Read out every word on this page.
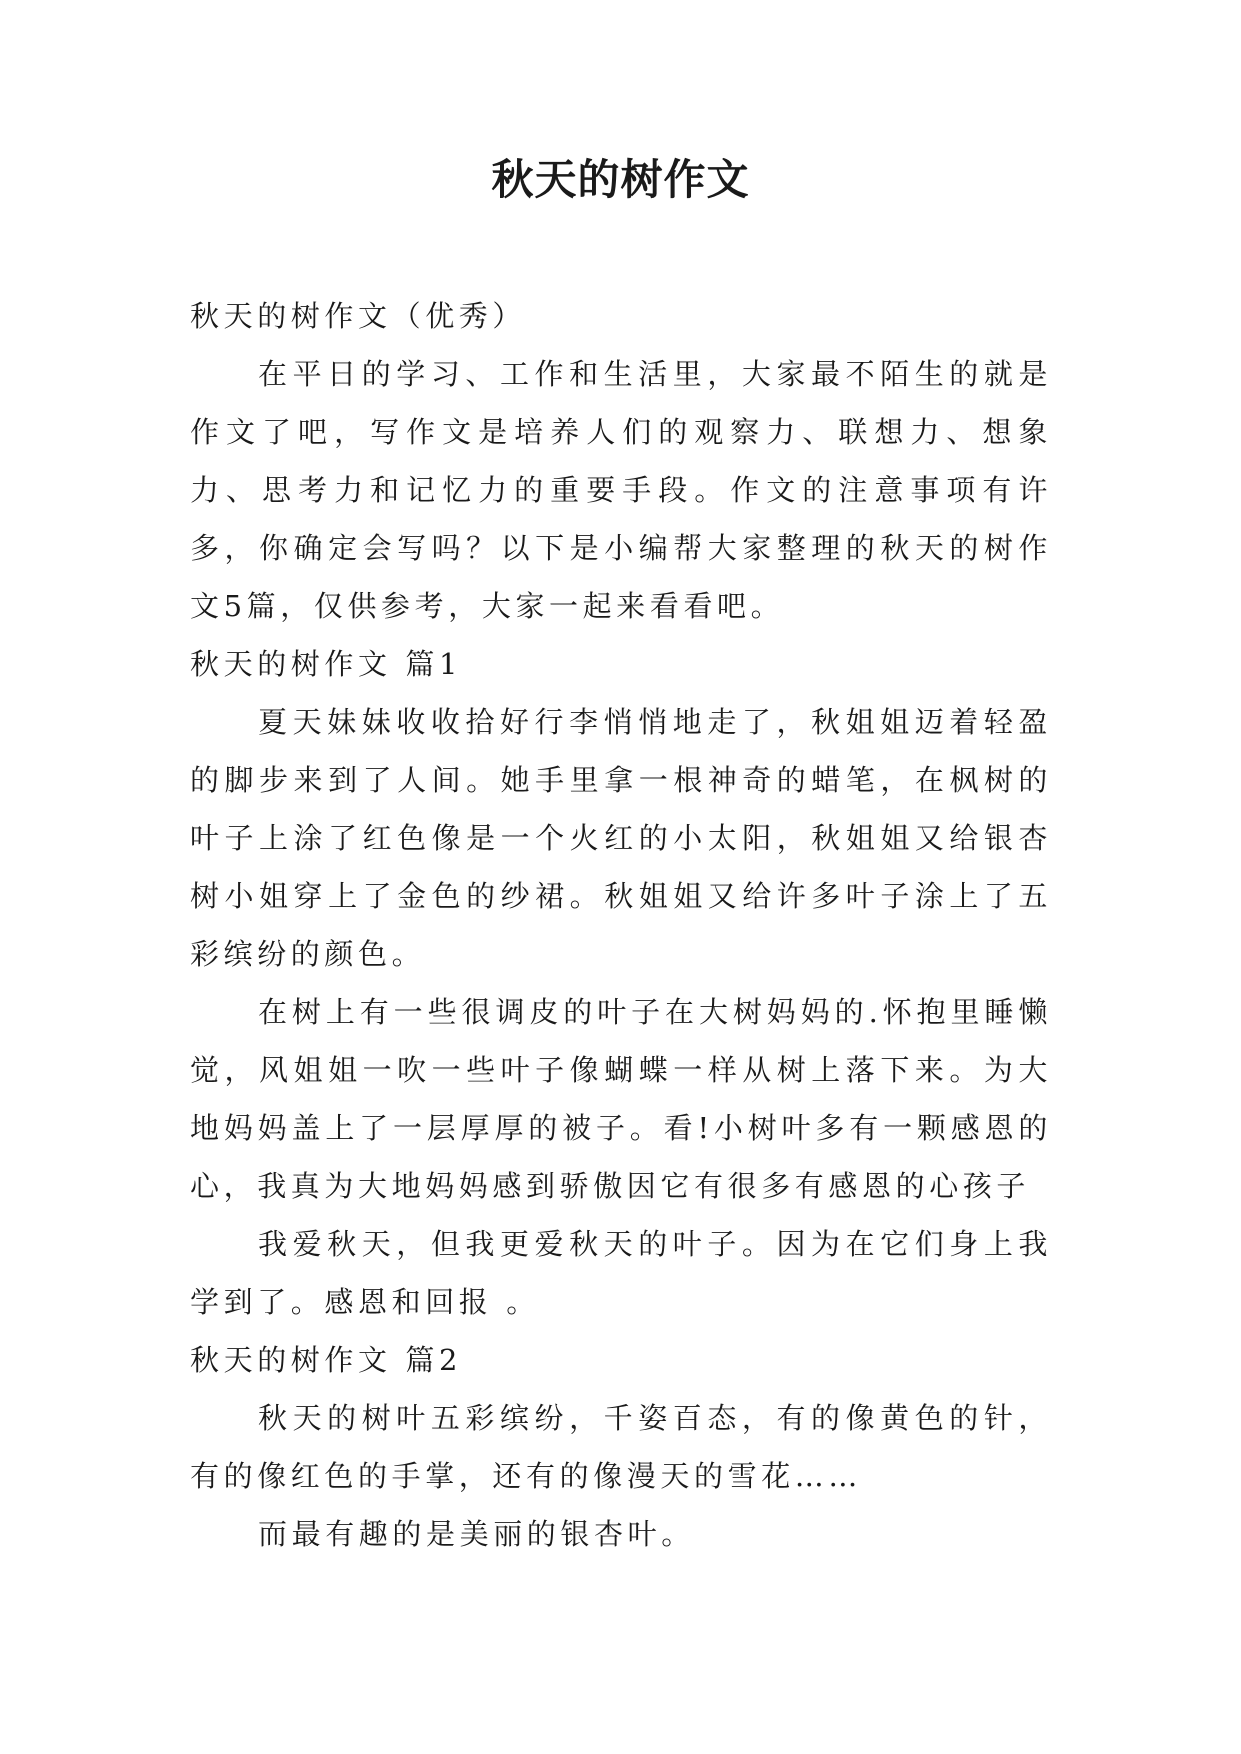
秋天的树作文

秋天的树作文（优秀）

在平日的学习、工作和生活里，大家最不陌生的就是作文了吧，写作文是培养人们的观察力、联想力、想象力、思考力和记忆力的重要手段。作文的注意事项有许多，你确定会写吗？以下是小编帮大家整理的秋天的树作文5篇，仅供参考，大家一起来看看吧。

秋天的树作文 篇1

夏天妹妹收收拾好行李悄悄地走了，秋姐姐迈着轻盈的脚步来到了人间。她手里拿一根神奇的蜡笔，在枫树的叶子上涂了红色像是一个火红的小太阳，秋姐姐又给银杏树小姐穿上了金色的纱裙。秋姐姐又给许多叶子涂上了五彩缤纷的颜色。

在树上有一些很调皮的叶子在大树妈妈的.怀抱里睡懒觉，风姐姐一吹一些叶子像蝴蝶一样从树上落下来。为大地妈妈盖上了一层厚厚的被子。看!小树叶多有一颗感恩的心，我真为大地妈妈感到骄傲因它有很多有感恩的心孩子

我爱秋天，但我更爱秋天的叶子。因为在它们身上我学到了。感恩和回报 。

秋天的树作文 篇2

秋天的树叶五彩缤纷，千姿百态，有的像黄色的针，有的像红色的手掌，还有的像漫天的雪花……

而最有趣的是美丽的银杏叶。
